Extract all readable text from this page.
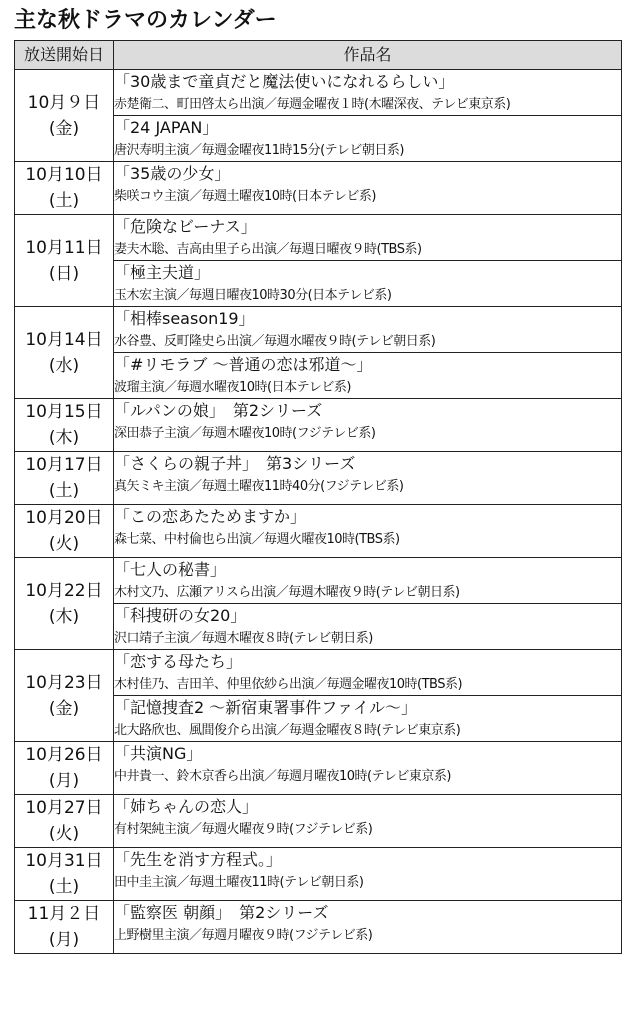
主な秋ドラマのカレンダー
放送開始日	作品名

10月９日
(金)	「30歳まで童貞だと魔法使いになれるらしい」
赤楚衛二、町田啓太ら出演／毎週金曜夜１時(木曜深夜、テレビ東京系)

	「24 JAPAN」
唐沢寿明主演／毎週金曜夜11時15分(テレビ朝日系)

10月10日
(土)	「35歳の少女」
柴咲コウ主演／毎週土曜夜10時(日本テレビ系)

10月11日
(日)	「危険なビーナス」
妻夫木聡、吉高由里子ら出演／毎週日曜夜９時(TBS系)

	「極主夫道」
玉木宏主演／毎週日曜夜10時30分(日本テレビ系)

10月14日
(水)	「相棒season19」
水谷豊、反町隆史ら出演／毎週水曜夜９時(テレビ朝日系)

	「#リモラブ ～普通の恋は邪道～」
波瑠主演／毎週水曜夜10時(日本テレビ系)

10月15日
(木)	「ルパンの娘」　第2シリーズ
深田恭子主演／毎週木曜夜10時(フジテレビ系)

10月17日
(土)	「さくらの親子丼」　第3シリーズ
真矢ミキ主演／毎週土曜夜11時40分(フジテレビ系)

10月20日
(火)	「この恋あたためますか」
森七菜、中村倫也ら出演／毎週火曜夜10時(TBS系)

10月22日
(木)	「七人の秘書」
木村文乃、広瀬アリスら出演／毎週木曜夜９時(テレビ朝日系)

	「科捜研の女20」
沢口靖子主演／毎週木曜夜８時(テレビ朝日系)

10月23日
(金)	「恋する母たち」
木村佳乃、吉田羊、仲里依紗ら出演／毎週金曜夜10時(TBS系)

	「記憶捜査2 ～新宿東署事件ファイル～」
北大路欣也、風間俊介ら出演／毎週金曜夜８時(テレビ東京系)

10月26日
(月)	「共演NG」
中井貴一、鈴木京香ら出演／毎週月曜夜10時(テレビ東京系)

10月27日
(火)	「姉ちゃんの恋人」
有村架純主演／毎週火曜夜９時(フジテレビ系)

10月31日
(土)	「先生を消す方程式。」
田中圭主演／毎週土曜夜11時(テレビ朝日系)

11月２日
(月)	「監察医 朝顔」　第2シリーズ
上野樹里主演／毎週月曜夜９時(フジテレビ系)
